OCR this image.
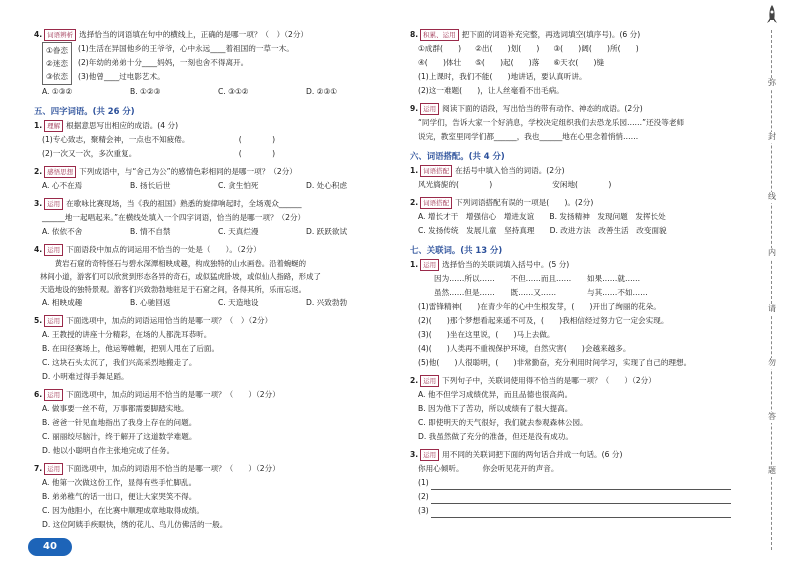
4. 词语辨析 选择恰当的词语填在句中的横线上，正确的是哪一项？（　）（2分）
①眷恋
②迷恋
③依恋
(1)生活在异国他乡的王爷爷，心中永远____着祖国的一草一木。
(2)年幼的弟弟十分____妈妈，一刻也舍不得离开。
(3)他曾____过电影艺术。
A. ①③②	B. ①②③	C. ③①②	D. ②③①
五、四字词语。(共 26 分)
1. 理解 根据意思写出相应的成语。(4 分)
(1)专心致志，聚精会神，一点也不知疲倦。　　　　　　　(　　　　)
(2)一次又一次，多次重复。　　　　　　　　　　　　　　(　　　　)
2. 感悟思想 下列成语中，与“舍己为公”的感情色彩相同的是哪一项？（2分）
A. 心不在焉	B. 扬长后世	C. 贪生怕死	D. 处心积虑
3. 运用 在歌咏比赛现场，当《我的祖国》熟悉的旋律响起时，全场观众______
______地一起唱起来。”在横线处填入一个四字词语，恰当的是哪一项？（2分）
A. 依依不舍	B. 情不自禁	C. 天真烂漫	D. 跃跃欲试
4. 运用 下面语段中加点的词运用不恰当的一处是（　　）。（2分）
　　黄岩石窟的奇特怪石与碧水深潭相映成趣，构成独特的山水画卷。沿着蜿蜒的
林间小道，游客们可以欣赏到形态各异的奇石，或似猛虎卧坡，或似仙人指路，形成了
天造地设的独特景观。游客们兴致勃勃地驻足于石窟之间，各得其所，乐而忘返。
A. 相映成趣	B. 心驰回返	C. 天造地设	D. 兴致勃勃
5. 运用 下面选项中，加点的词语运用恰当的是哪一项？（　）（2分）
A. 王教授的讲座十分精彩，在场的人都洗耳恭听。
B. 在田径赛场上，他运筹帷幄，把别人甩在了后面。
C. 这块石头太沉了，我们兴高采烈地搬走了。
D. 小明难过得手舞足蹈。
6. 运用 下面选项中，加点的词运用不恰当的是哪一项？（　　）（2分）
A. 做事要一丝不苟，万事都需要脚踏实地。
B. 爸爸一针见血地指出了我身上存在的问题。
C. 丽丽绞尽脑汁，终于解开了这道数学难题。
D. 他以小聪明自作主张地完成了任务。
7. 运用 下面选项中，加点的词语用不恰当的是哪一项？（　　）（2分）
A. 他第一次做这份工作，显得有些手忙脚乱。
B. 弟弟稚气的话一出口，便让大家哭笑不得。
C. 因为他胆小，在比赛中顺理成章地取得成绩。
D. 这位阿姨手疾眼快，绣的花儿、鸟儿仿佛活的一般。
40
8. 积累、运用 把下面的词语补充完整，再选词填空(填序号)。(6 分)
①成群(　　) ②出(　　)划(　　) ③(　　)阔(　　)所(　　)
④(　　)体壮 ⑤(　　)起(　　)落 ⑥天衣(　　)缝
(1)上课时，我们不能(　　)地讲话，要认真听讲。
(2)这一难题(　　)，让人丝毫看不出毛病。
9. 运用 阅读下面的语段，写出恰当的带有动作、神态的成语。(2分)
“同学们，告诉大家一个好消息，学校决定组织我们去恐龙乐园……”还没等老师
说完，教室里同学们都______，我也______地在心里念着悄悄……
六、词语搭配。(共 4 分)
1. 词语搭配 在括号中填入恰当的词语。(2分)
风光旖旎的(　　　　)	安闲地(　　　　)
2. 词语搭配 下列词语搭配有误的一项是(　　)。(2分)
A. 增长才干　增强信心　增进友谊　　B. 发扬精神　发现问题　发挥长处
C. 发扬传统　发展儿童　坚持真理　　D. 改进方法　改善生活　改变面貌
七、关联词。(共 13 分)
1. 运用 选择恰当的关联词填入括号中。(5 分)
因为……所以……	不但……而且……	如果……就……
虽然……但是……	既……又……	与其……不如……
(1)雷锋精神(　　)在青少年的心中生根发芽，(　　)开出了绚丽的花朵。
(2)(　　)那个梦想看起来遥不可及，(　　)我相信经过努力它一定会实现。
(3)(　　)坐在这里说，(　　)马上去做。
(4)(　　)人类再不重视保护环境，自然灾害(　　)会越来越多。
(5)他(　　)人很聪明，(　　)非常勤奋，充分利用时间学习，实现了自己的理想。
2. 运用 下列句子中，关联词使用得不恰当的是哪一项？（　　）（2分）
A. 他不但学习成绩优异，而且品德也很高尚。
B. 因为他下了苦功，所以成绩有了很大提高。
C. 即使明天的天气很好，我们就去参观森林公园。
D. 我虽然做了充分的准备，但还是没有成功。
3. 运用 用不同的关联词把下面的两句话合并成一句话。(6 分)
你用心倾听。　　　你会听见花开的声音。
(1)
(2)
(3)
弥
封
线
内
请
勿
答
题
